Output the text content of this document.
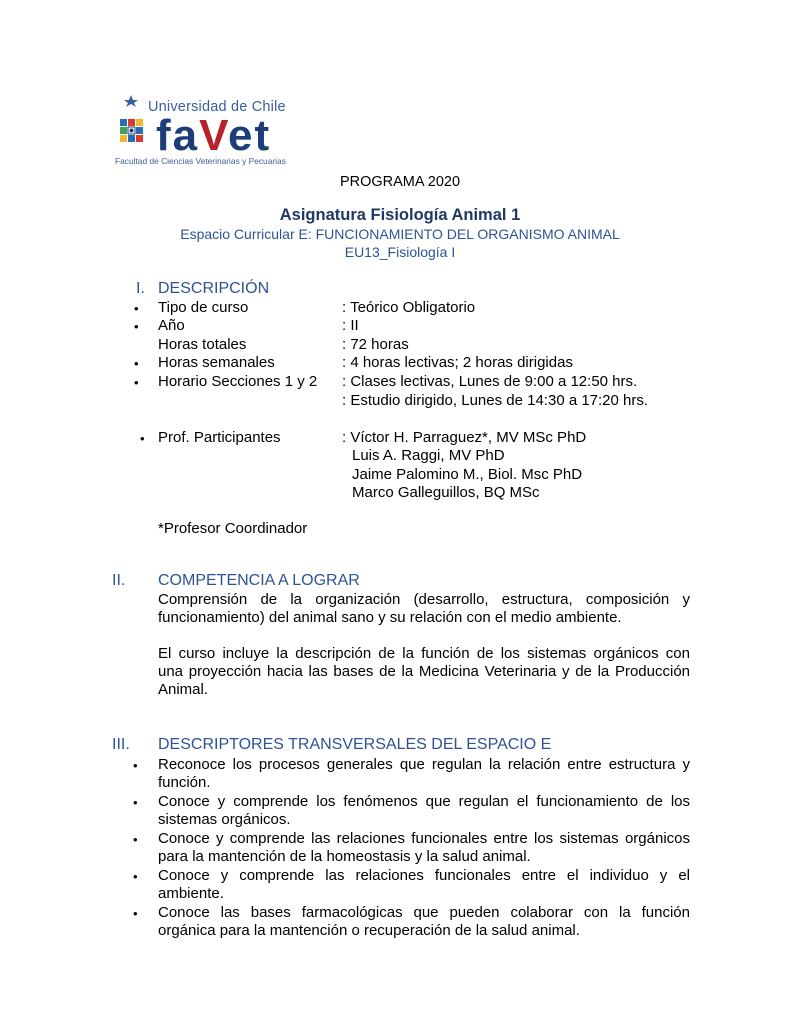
Universidad de Chile
faVet
Facultad de Ciencias Veterinarias y Pecuarias
PROGRAMA 2020
Asignatura Fisiología Animal 1
Espacio Curricular E: FUNCIONAMIENTO DEL ORGANISMO ANIMAL
EU13_Fisiología I
I. DESCRIPCIÓN
• Tipo de curso	: Teórico Obligatorio
• Año	: II
Horas totales	: 72 horas
• Horas semanales	: 4 horas lectivas; 2 horas dirigidas
• Horario Secciones 1 y 2 : Clases lectivas, Lunes de 9:00 a 12:50 hrs.
: Estudio dirigido, Lunes de 14:30 a 17:20 hrs.
• Prof. Participantes	: Víctor H. Parraguez*, MV MSc PhD
Luis A. Raggi, MV PhD
Jaime Palomino M., Biol. Msc PhD
Marco Galleguillos, BQ MSc
*Profesor Coordinador
II. COMPETENCIA A LOGRAR
Comprensión de la organización (desarrollo, estructura, composición y
funcionamiento) del animal sano y su relación con el medio ambiente.
El curso incluye la descripción de la función de los sistemas orgánicos con
una proyección hacia las bases de la Medicina Veterinaria y de la Producción
Animal.
III. DESCRIPTORES TRANSVERSALES DEL ESPACIO E
• Reconoce los procesos generales que regulan la relación entre estructura y
función.
• Conoce y comprende los fenómenos que regulan el funcionamiento de los
sistemas orgánicos.
• Conoce y comprende las relaciones funcionales entre los sistemas orgánicos
para la mantención de la homeostasis y la salud animal.
• Conoce y comprende las relaciones funcionales entre el individuo y el
ambiente.
• Conoce las bases farmacológicas que pueden colaborar con la función
orgánica para la mantención o recuperación de la salud animal.
